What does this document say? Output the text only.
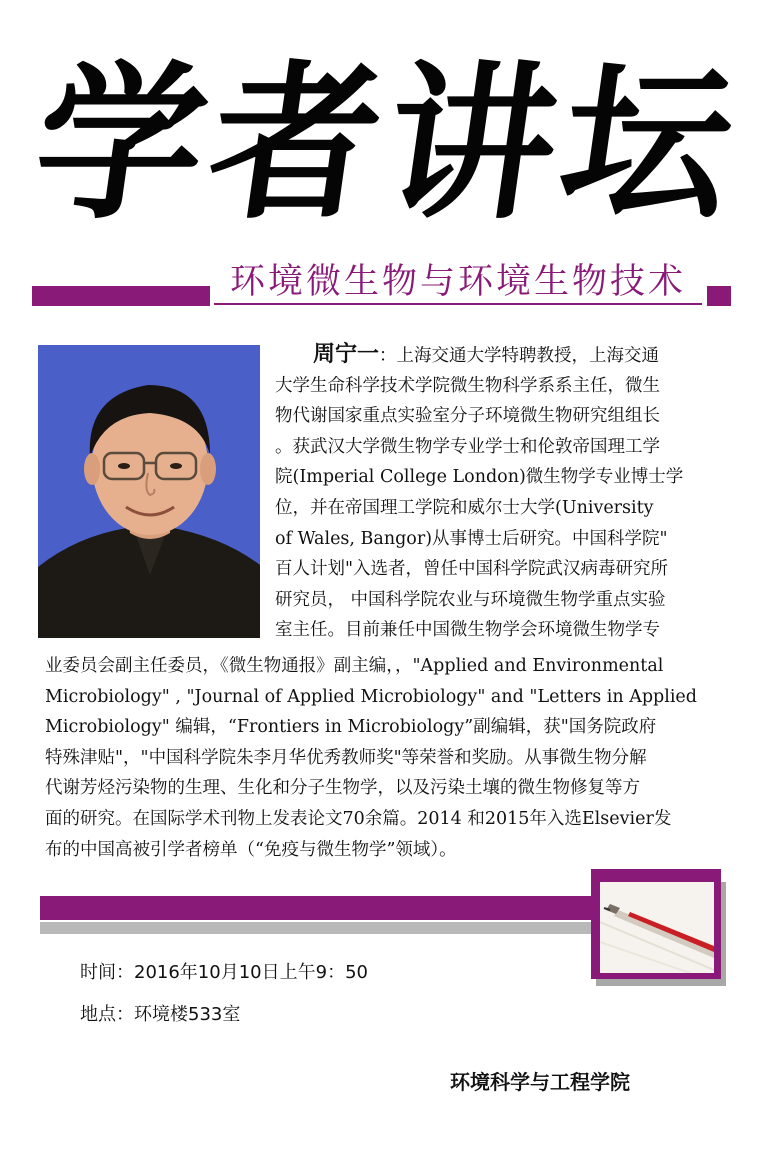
学
者
讲
坛
环境微生物与环境生物技术
周宁一：上海交通大学特聘教授，上海交通
大学生命科学技术学院微生物科学系系主任，微生
物代谢国家重点实验室分子环境微生物研究组组长
。获武汉大学微生物学专业学士和伦敦帝国理工学
院(Imperial College London)微生物学专业博士学
位，并在帝国理工学院和威尔士大学(University
of Wales, Bangor)从事博士后研究。中国科学院"
百人计划"入选者，曾任中国科学院武汉病毒研究所
研究员， 中国科学院农业与环境微生物学重点实验
室主任。目前兼任中国微生物学会环境微生物学专
业委员会副主任委员，《微生物通报》副主编，，"Applied and Environmental
Microbiology" , "Journal of Applied Microbiology" and "Letters in Applied
Microbiology" 编辑，“Frontiers in Microbiology”副编辑，获"国务院政府
特殊津贴"，"中国科学院朱李月华优秀教师奖"等荣誉和奖励。从事微生物分解
代谢芳烃污染物的生理、生化和分子生物学，以及污染土壤的微生物修复等方
面的研究。在国际学术刊物上发表论文70余篇。2014 和2015年入选Elsevier发
布的中国高被引学者榜单（“免疫与微生物学”领域）。
时间：2016年10月10日上午9：50
地点：环境楼533室
环境科学与工程学院
